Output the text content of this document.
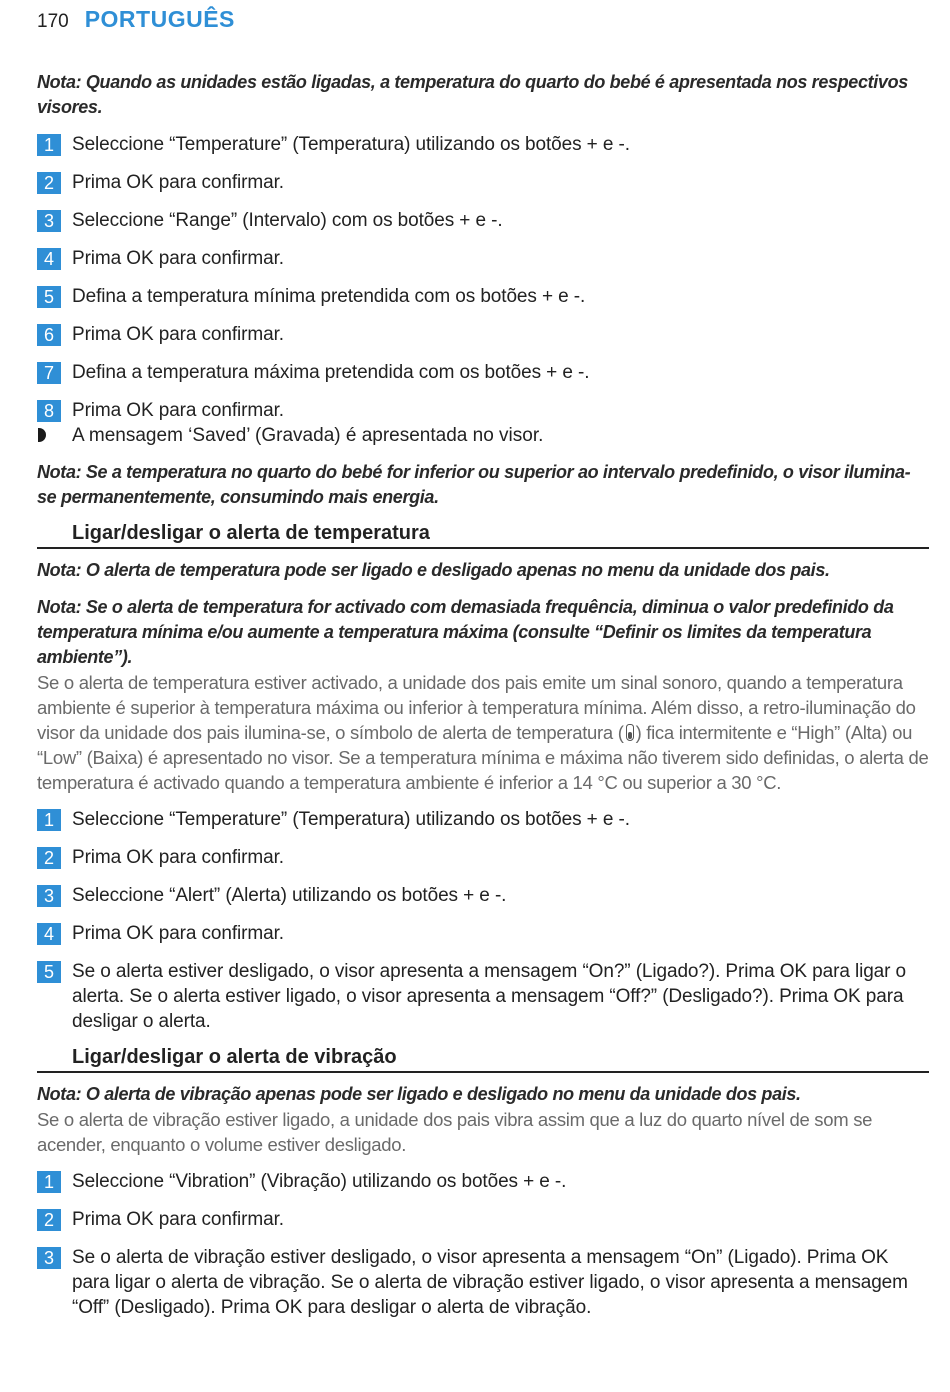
170 PORTUGUÊS
Nota: Quando as unidades estão ligadas, a temperatura do quarto do bebé é apresentada nos respectivos visores.
1 Seleccione “Temperature” (Temperatura) utilizando os botões + e -.
2 Prima OK para confirmar.
3 Seleccione “Range” (Intervalo) com os botões + e -.
4 Prima OK para confirmar.
5 Defina a temperatura mínima pretendida com os botões + e -.
6 Prima OK para confirmar.
7 Defina a temperatura máxima pretendida com os botões + e -.
8 Prima OK para confirmar.
A mensagem ‘Saved’ (Gravada) é apresentada no visor.
Nota: Se a temperatura no quarto do bebé for inferior ou superior ao intervalo predefinido, o visor ilumina-se permanentemente, consumindo mais energia.
Ligar/desligar o alerta de temperatura
Nota: O alerta de temperatura pode ser ligado e desligado apenas no menu da unidade dos pais.
Nota: Se o alerta de temperatura for activado com demasiada frequência, diminua o valor predefinido da temperatura mínima e/ou aumente a temperatura máxima (consulte “Definir os limites da temperatura ambiente”).
Se o alerta de temperatura estiver activado, a unidade dos pais emite um sinal sonoro, quando a temperatura ambiente é superior à temperatura máxima ou inferior à temperatura mínima. Além disso, a retro-iluminação do visor da unidade dos pais ilumina-se, o símbolo de alerta de temperatura ( ) fica intermitente e “High” (Alta) ou “Low” (Baixa) é apresentado no visor. Se a temperatura mínima e máxima não tiverem sido definidas, o alerta de temperatura é activado quando a temperatura ambiente é inferior a 14 °C ou superior a 30 °C.
1 Seleccione “Temperature” (Temperatura) utilizando os botões + e -.
2 Prima OK para confirmar.
3 Seleccione “Alert” (Alerta) utilizando os botões + e -.
4 Prima OK para confirmar.
5 Se o alerta estiver desligado, o visor apresenta a mensagem “On?” (Ligado?). Prima OK para ligar o alerta. Se o alerta estiver ligado, o visor apresenta a mensagem “Off?” (Desligado?). Prima OK para desligar o alerta.
Ligar/desligar o alerta de vibração
Nota: O alerta de vibração apenas pode ser ligado e desligado no menu da unidade dos pais.
Se o alerta de vibração estiver ligado, a unidade dos pais vibra assim que a luz do quarto nível de som se acender, enquanto o volume estiver desligado.
1 Seleccione “Vibration” (Vibração) utilizando os botões + e -.
2 Prima OK para confirmar.
3 Se o alerta de vibração estiver desligado, o visor apresenta a mensagem “On” (Ligado). Prima OK para ligar o alerta de vibração. Se o alerta de vibração estiver ligado, o visor apresenta a mensagem “Off” (Desligado). Prima OK para desligar o alerta de vibração.
